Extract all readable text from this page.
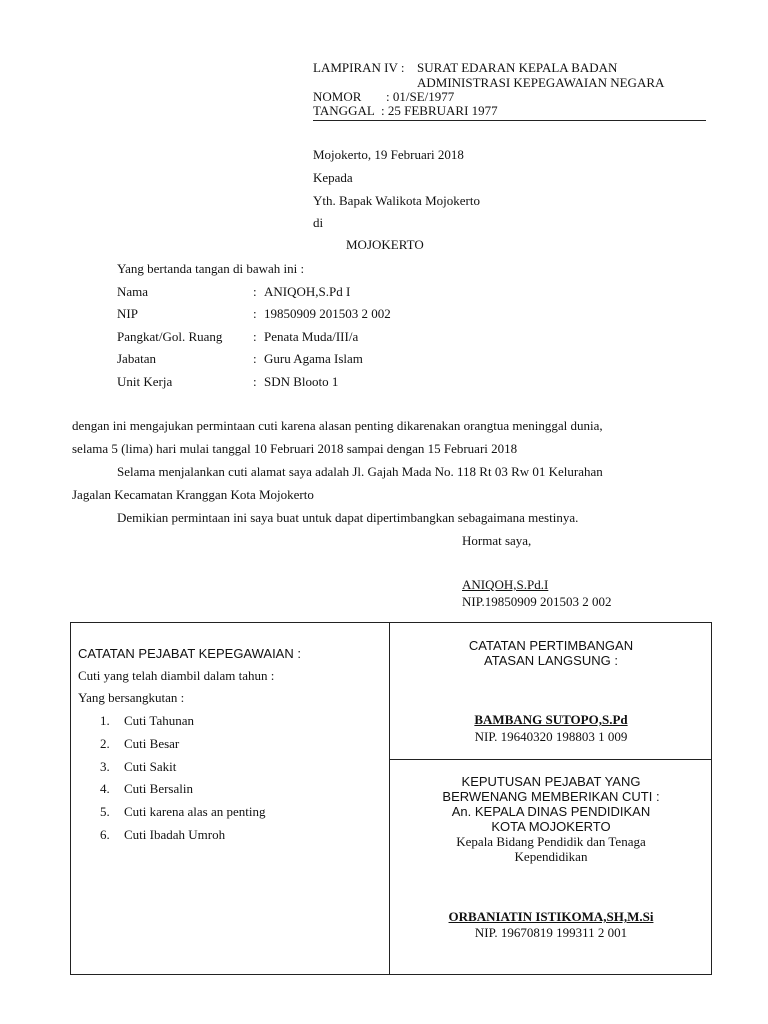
LAMPIRAN IV : SURAT EDARAN KEPALA BADAN
ADMINISTRASI KEPEGAWAIAN NEGARA
NOMOR : 01/SE/1977
TANGGAL : 25 FEBRUARI 1977
Mojokerto, 19 Februari 2018
Kepada
Yth. Bapak Walikota Mojokerto
di
MOJOKERTO
Yang bertanda tangan di bawah ini :
Nama	: ANIQOH,S.Pd I
NIP	: 19850909 201503 2 002
Pangkat/Gol. Ruang : Penata Muda/III/a
Jabatan	: Guru Agama Islam
Unit Kerja	: SDN Blooto 1
dengan ini mengajukan permintaan cuti karena alasan penting dikarenakan orangtua meninggal dunia,
selama 5 (lima) hari mulai tanggal 10 Februari 2018 sampai dengan 15 Februari 2018
Selama menjalankan cuti alamat saya adalah Jl. Gajah Mada No. 118 Rt 03 Rw 01 Kelurahan
Jagalan Kecamatan Kranggan Kota Mojokerto
Demikian permintaan ini saya buat untuk dapat dipertimbangkan sebagaimana mestinya.
Hormat saya,
ANIQOH,S.Pd.I
NIP.19850909 201503 2 002
CATATAN PEJABAT KEPEGAWAIAN :
Cuti yang telah diambil dalam tahun :
Yang bersangkutan :
1. Cuti Tahunan
2. Cuti Besar
3. Cuti Sakit
4. Cuti Bersalin
5. Cuti karena alas an penting
6. Cuti Ibadah Umroh
CATATAN PERTIMBANGAN
ATASAN LANGSUNG :
BAMBANG SUTOPO,S.Pd
NIP. 19640320 198803 1 009
KEPUTUSAN PEJABAT YANG
BERWENANG MEMBERIKAN CUTI :
An. KEPALA DINAS PENDIDIKAN
KOTA MOJOKERTO
Kepala Bidang Pendidik dan Tenaga
Kependidikan
ORBANIATIN ISTIKOMA,SH,M.Si
NIP. 19670819 199311 2 001
